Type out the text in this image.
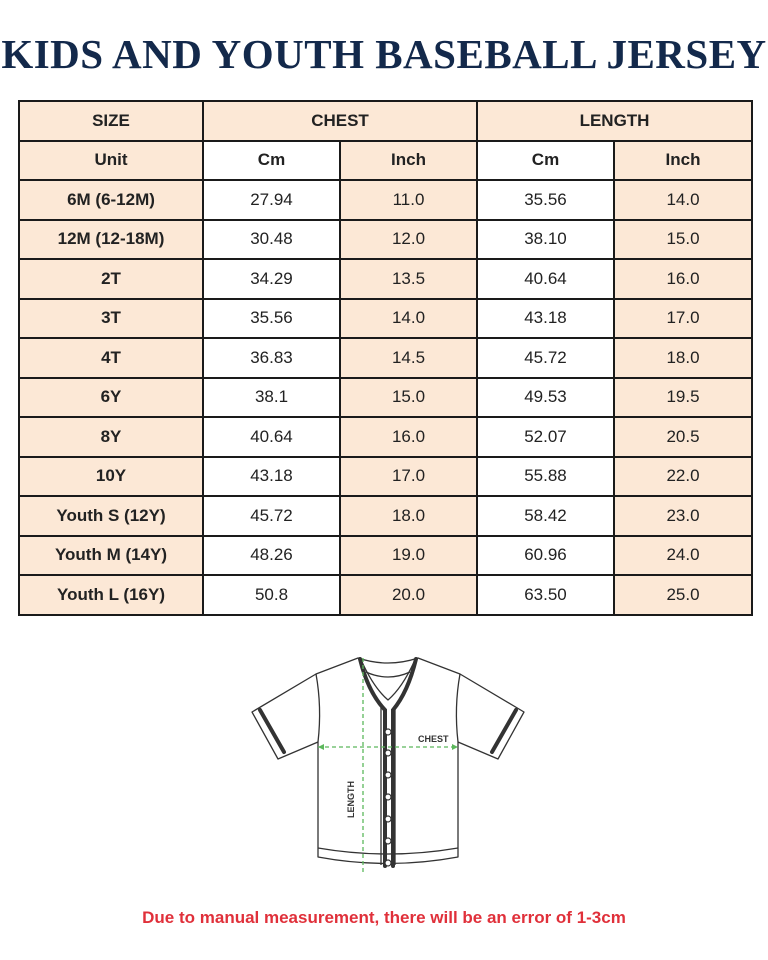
KIDS AND YOUTH BASEBALL JERSEY
SIZE	CHEST		LENGTH	
Unit	Cm	Inch	Cm	Inch
6M (6-12M)	27.94	11.0	35.56	14.0
12M (12-18M)	30.48	12.0	38.10	15.0
2T	34.29	13.5	40.64	16.0
3T	35.56	14.0	43.18	17.0
4T	36.83	14.5	45.72	18.0
6Y	38.1	15.0	49.53	19.5
8Y	40.64	16.0	52.07	20.5
10Y	43.18	17.0	55.88	22.0
Youth S (12Y)	45.72	18.0	58.42	23.0
Youth M (14Y)	48.26	19.0	60.96	24.0
Youth L (16Y)	50.8	20.0	63.50	25.0
CHEST
LENGTH
Due to manual measurement, there will be an error of 1-3cm
